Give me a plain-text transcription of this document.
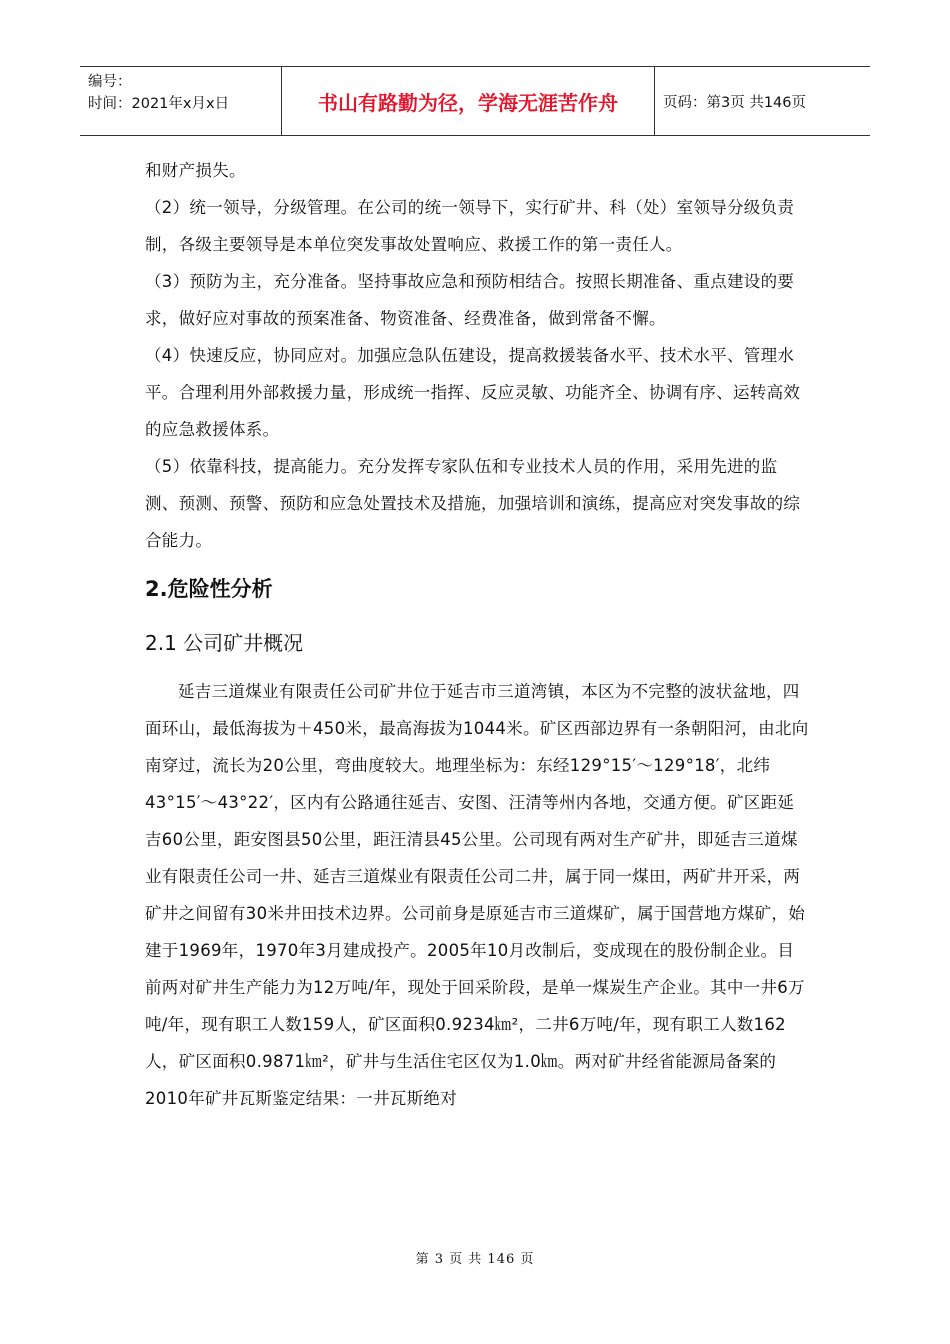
编号：
时间：2021年x月x日	书山有路勤为径，学海无涯苦作舟	页码：第3页 共146页

和财产损失。

（2）统一领导，分级管理。在公司的统一领导下，实行矿井、科（处）室领导分级负责制，各级主要领导是本单位突发事故处置响应、救援工作的第一责任人。

（3）预防为主，充分准备。坚持事故应急和预防相结合。按照长期准备、重点建设的要求，做好应对事故的预案准备、物资准备、经费准备，做到常备不懈。

（4）快速反应，协同应对。加强应急队伍建设，提高救援装备水平、技术水平、管理水平。合理利用外部救援力量，形成统一指挥、反应灵敏、功能齐全、协调有序、运转高效的应急救援体系。

（5）依靠科技，提高能力。充分发挥专家队伍和专业技术人员的作用，采用先进的监测、预测、预警、预防和应急处置技术及措施，加强培训和演练，提高应对突发事故的综合能力。

2.危险性分析
2.1 公司矿井概况

延吉三道煤业有限责任公司矿井位于延吉市三道湾镇，本区为不完整的波状盆地，四面环山，最低海拔为＋450米，最高海拔为1044米。矿区西部边界有一条朝阳河，由北向南穿过，流长为20公里，弯曲度较大。地理坐标为：东经129°15′～129°18′，北纬43°15′～43°22′，区内有公路通往延吉、安图、汪清等州内各地，交通方便。矿区距延吉60公里，距安图县50公里，距汪清县45公里。公司现有两对生产矿井，即延吉三道煤业有限责任公司一井、延吉三道煤业有限责任公司二井，属于同一煤田，两矿井开采，两矿井之间留有30米井田技术边界。公司前身是原延吉市三道煤矿，属于国营地方煤矿，始建于1969年，1970年3月建成投产。2005年10月改制后，变成现在的股份制企业。目前两对矿井生产能力为12万吨/年，现处于回采阶段，是单一煤炭生产企业。其中一井6万吨/年，现有职工人数159人，矿区面积0.9234㎞²，二井6万吨/年，现有职工人数162人，矿区面积0.9871㎞²，矿井与生活住宅区仅为1.0㎞。两对矿井经省能源局备案的2010年矿井瓦斯鉴定结果：一井瓦斯绝对

第 3 页 共 146 页
